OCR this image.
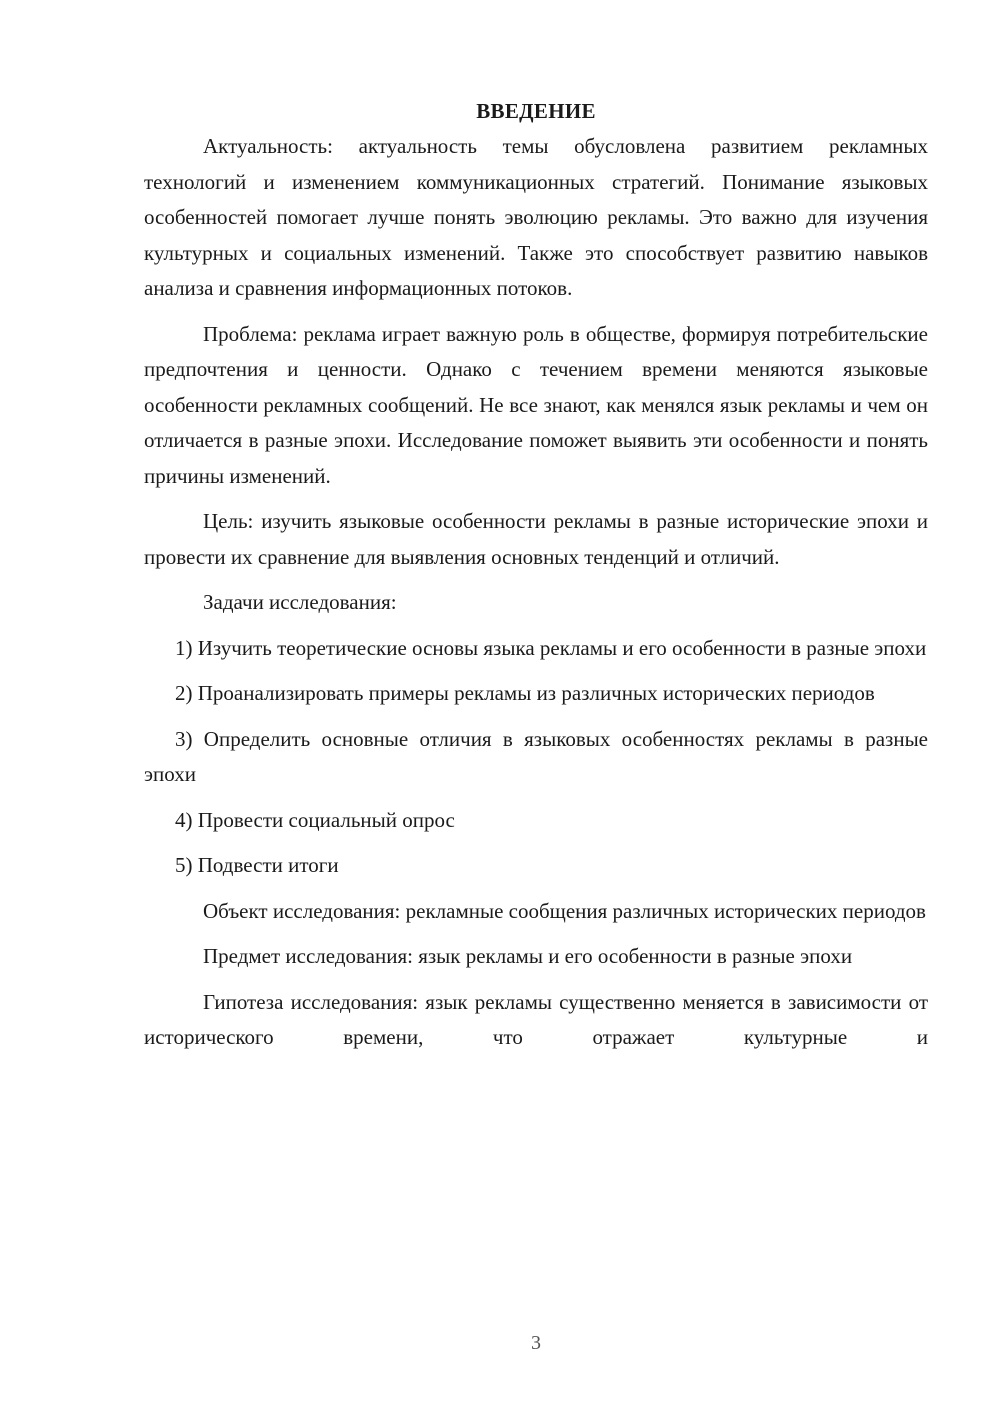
ВВЕДЕНИЕ

Актуальность: актуальность темы обусловлена развитием рекламных технологий и изменением коммуникационных стратегий. Понимание языковых особенностей помогает лучше понять эволюцию рекламы. Это важно для изучения культурных и социальных изменений. Также это способствует развитию навыков анализа и сравнения информационных потоков.

Проблема: реклама играет важную роль в обществе, формируя потребительские предпочтения и ценности. Однако с течением времени меняются языковые особенности рекламных сообщений. Не все знают, как менялся язык рекламы и чем он отличается в разные эпохи. Исследование поможет выявить эти особенности и понять причины изменений.

Цель: изучить языковые особенности рекламы в разные исторические эпохи и провести их сравнение для выявления основных тенденций и отличий.

Задачи исследования:

1) Изучить теоретические основы языка рекламы и его особенности в разные эпохи

2) Проанализировать примеры рекламы из различных исторических периодов

3) Определить основные отличия в языковых особенностях рекламы в разные эпохи

4) Провести социальный опрос

5) Подвести итоги

Объект исследования: рекламные сообщения различных исторических периодов

Предмет исследования: язык рекламы и его особенности в разные эпохи

Гипотеза исследования: язык рекламы существенно меняется в зависимости от исторического времени, что отражает культурные и

3
